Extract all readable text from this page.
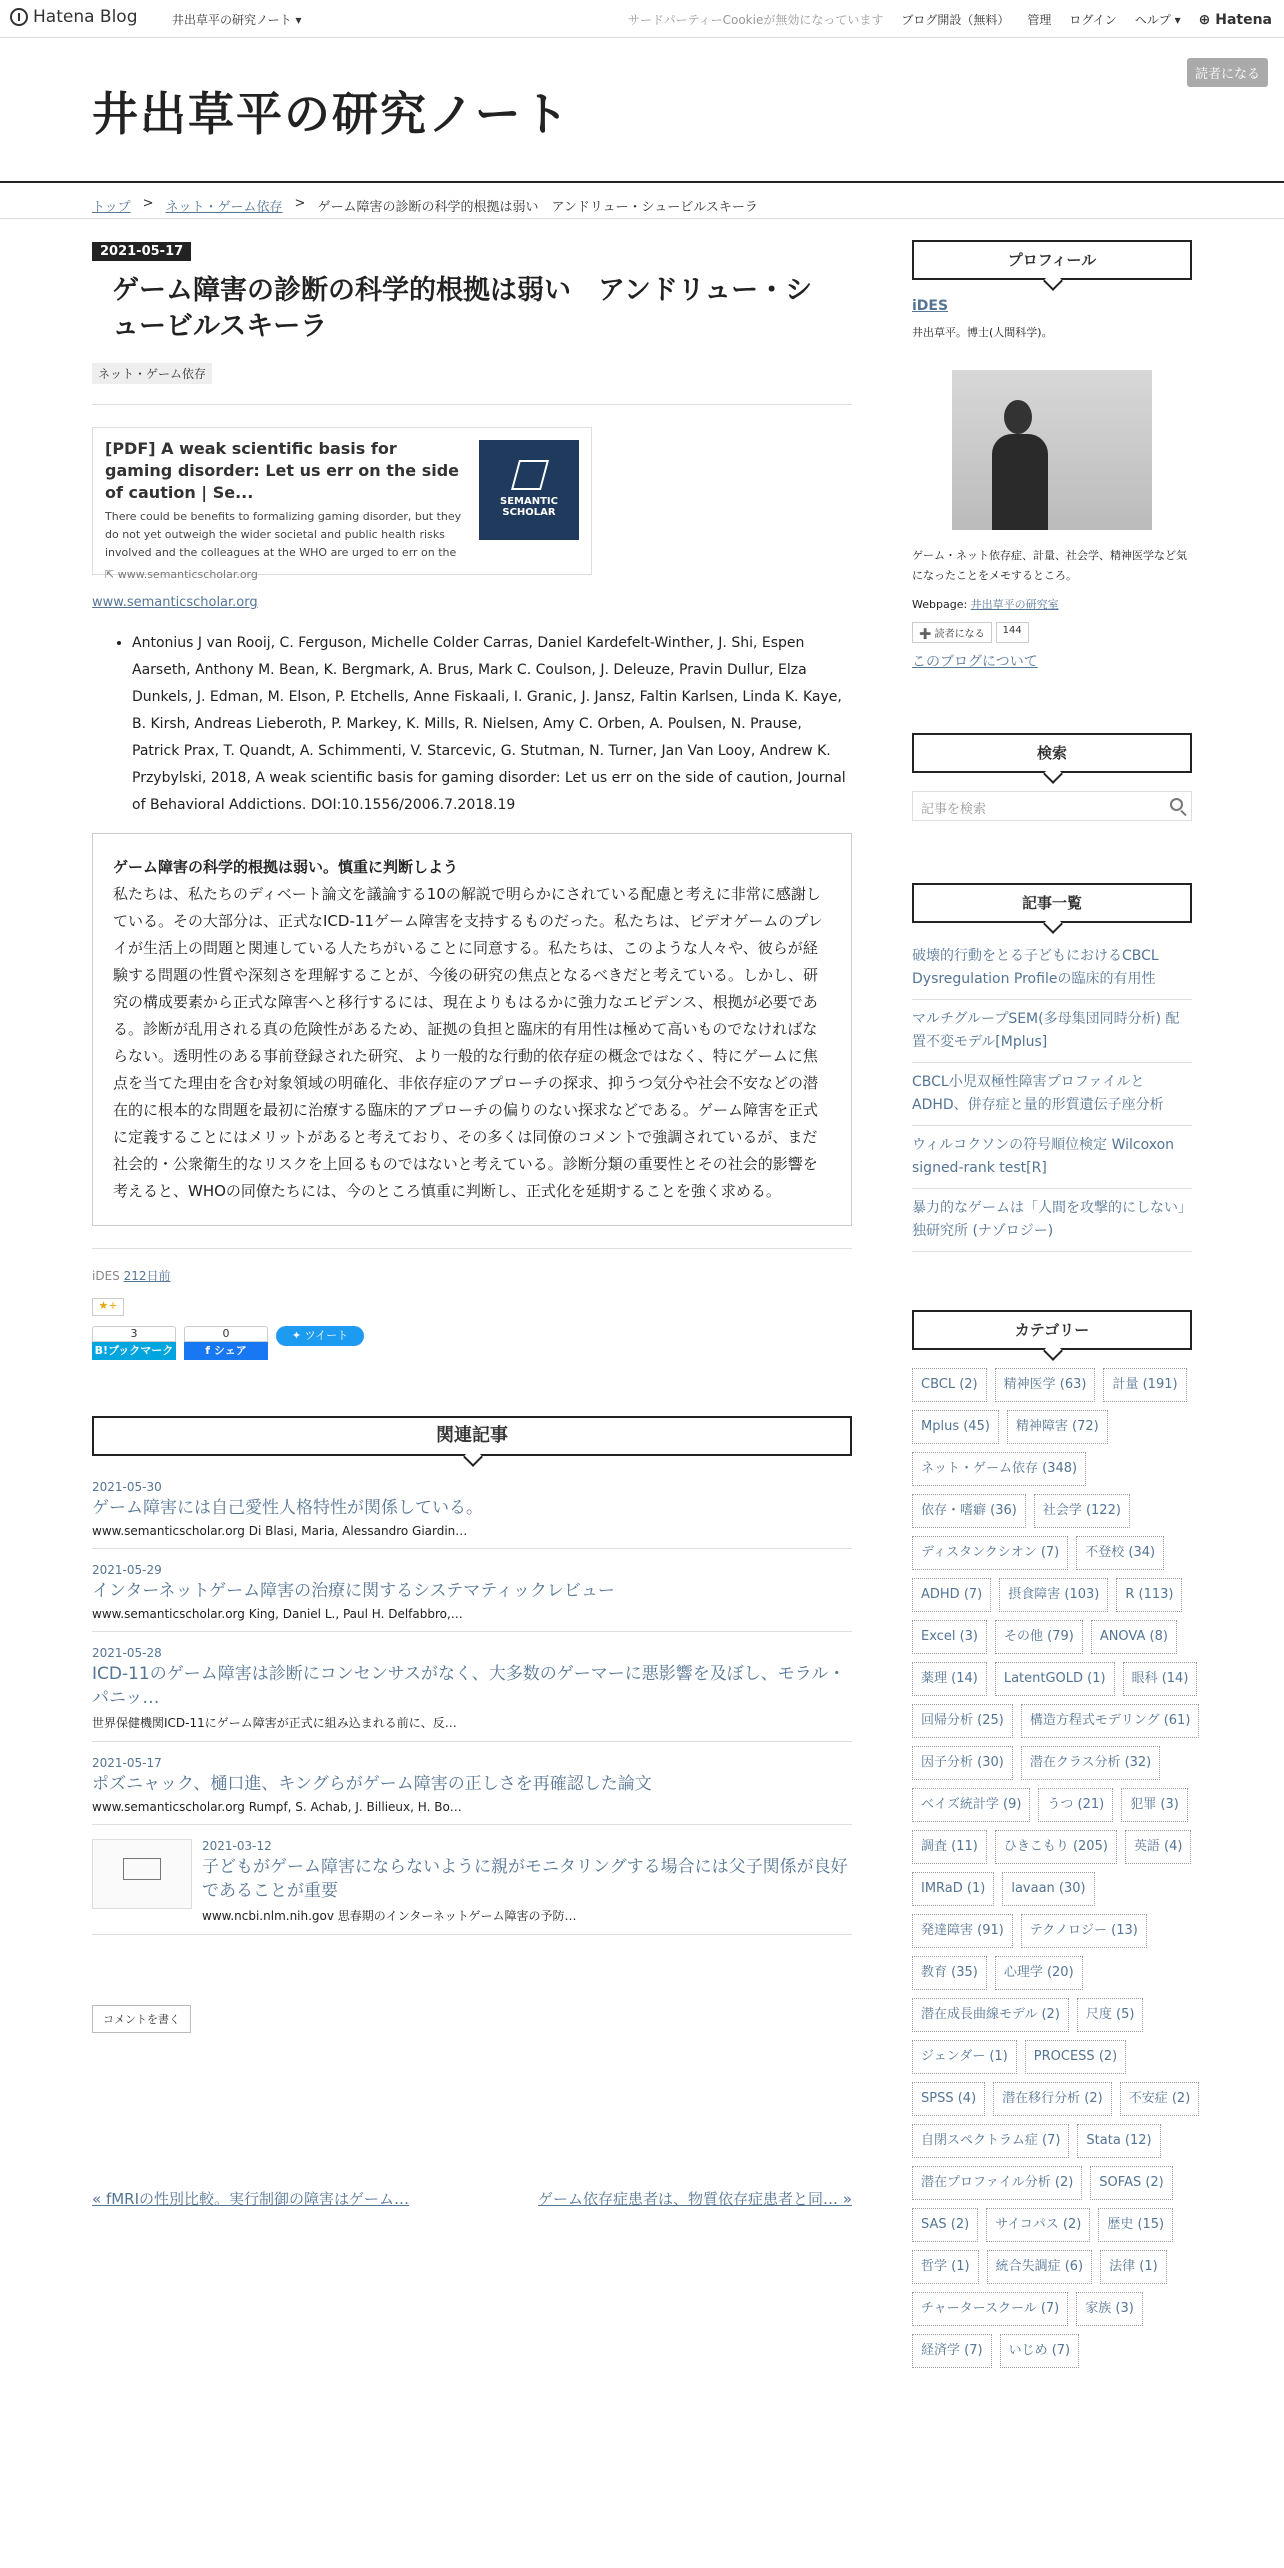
Hatena Blog	井出草平の研究ノート ▾	サードパーティーCookieが無効になっています ブログ開設（無料） 管理 ログイン ヘルプ ▾ ⊕ Hatena
井出草平の研究ノート
読者になる
トップ > ネット・ゲーム依存 > ゲーム障害の診断の科学的根拠は弱い　アンドリュー・シュービルスキーラ
2021-05-17
ゲーム障害の診断の科学的根拠は弱い　アンドリュー・シュービルスキーラ
ネット・ゲーム依存
[PDF] A weak scientific basis for gaming disorder: Let us err on the side of caution | Se...
There could be benefits to formalizing gaming disorder, but they do not yet outweigh the wider societal and public health risks involved and the colleagues at the WHO are urged to err on the
⇱ www.semanticscholar.org
SEMANTIC SCHOLAR
www.semanticscholar.org
• Antonius J van Rooij, C. Ferguson, Michelle Colder Carras, Daniel Kardefelt-Winther, J. Shi, Espen Aarseth, Anthony M. Bean, K. Bergmark, A. Brus, Mark C. Coulson, J. Deleuze, Pravin Dullur, Elza Dunkels, J. Edman, M. Elson, P. Etchells, Anne Fiskaali, I. Granic, J. Jansz, Faltin Karlsen, Linda K. Kaye, B. Kirsh, Andreas Lieberoth, P. Markey, K. Mills, R. Nielsen, Amy C. Orben, A. Poulsen, N. Prause, Patrick Prax, T. Quandt, A. Schimmenti, V. Starcevic, G. Stutman, N. Turner, Jan Van Looy, Andrew K. Przybylski, 2018, A weak scientific basis for gaming disorder: Let us err on the side of caution, Journal of Behavioral Addictions. DOI:10.1556/2006.7.2018.19
ゲーム障害の科学的根拠は弱い。慎重に判断しよう
私たちは、私たちのディベート論文を議論する10の解説で明らかにされている配慮と考えに非常に感謝している。その大部分は、正式なICD-11ゲーム障害を支持するものだった。私たちは、ビデオゲームのプレイが生活上の問題と関連している人たちがいることに同意する。私たちは、このような人々や、彼らが経験する問題の性質や深刻さを理解することが、今後の研究の焦点となるべきだと考えている。しかし、研究の構成要素から正式な障害へと移行するには、現在よりもはるかに強力なエビデンス、根拠が必要である。診断が乱用される真の危険性があるため、証拠の負担と臨床的有用性は極めて高いものでなければならない。透明性のある事前登録された研究、より一般的な行動的依存症の概念ではなく、特にゲームに焦点を当てた理由を含む対象領域の明確化、非依存症のアプローチの探求、抑うつ気分や社会不安などの潜在的に根本的な問題を最初に治療する臨床的アプローチの偏りのない探求などである。ゲーム障害を正式に定義することにはメリットがあると考えており、その多くは同僚のコメントで強調されているが、まだ社会的・公衆衛生的なリスクを上回るものではないと考えている。診断分類の重要性とその社会的影響を考えると、WHOの同僚たちには、今のところ慎重に判断し、正式化を延期することを強く求める。
iDES 212日前
★+
3
B!ブックマーク
0
f シェア
✦ ツイート
関連記事
2021-05-30
ゲーム障害には自己愛性人格特性が関係している。
www.semanticscholar.org Di Blasi, Maria, Alessandro Giardin…
2021-05-29
インターネットゲーム障害の治療に関するシステマティックレビュー
www.semanticscholar.org King, Daniel L., Paul H. Delfabbro,…
2021-05-28
ICD-11のゲーム障害は診断にコンセンサスがなく、大多数のゲーマーに悪影響を及ぼし、モラル・パニッ…
世界保健機関ICD-11にゲーム障害が正式に組み込まれる前に、反…
2021-05-17
ポズニャック、樋口進、キングらがゲーム障害の正しさを再確認した論文
www.semanticscholar.org Rumpf, S. Achab, J. Billieux, H. Bo…
2021-03-12
子どもがゲーム障害にならないように親がモニタリングする場合には父子関係が良好であることが重要
www.ncbi.nlm.nih.gov 思春期のインターネットゲーム障害の予防…
コメントを書く
« fMRIの性別比較。実行制御の障害はゲーム…	ゲーム依存症患者は、物質依存症患者と同… »
プロフィール
iDES
井出草平。博士(人間科学)。
ゲーム・ネット依存症、計量、社会学、精神医学など気になったことをメモするところ。
Webpage: 井出草平の研究室
➕ 読者になる	144
このブログについて
検索
記事を検索
記事一覧
破壊的行動をとる子どもにおけるCBCL Dysregulation Profileの臨床的有用性
マルチグループSEM(多母集団同時分析) 配置不変モデル[Mplus]
CBCL小児双極性障害プロファイルとADHD、併存症と量的形質遺伝子座分析
ウィルコクソンの符号順位検定 Wilcoxon signed-rank test[R]
暴力的なゲームは「人間を攻撃的にしない」独研究所 (ナゾロジー)
カテゴリー
CBCL (2)	精神医学 (63)	計量 (191)
Mplus (45)	精神障害 (72)
ネット・ゲーム依存 (348)
依存・嗜癖 (36)	社会学 (122)
ディスタンクシオン (7)	不登校 (34)
ADHD (7)	摂食障害 (103)	R (113)
Excel (3)	その他 (79)	ANOVA (8)
薬理 (14)	LatentGOLD (1)	眼科 (14)
回帰分析 (25)	構造方程式モデリング (61)
因子分析 (30)	潜在クラス分析 (32)
ベイズ統計学 (9)	うつ (21)	犯罪 (3)
調査 (11)	ひきこもり (205)	英語 (4)
IMRaD (1)	lavaan (30)
発達障害 (91)	テクノロジー (13)
教育 (35)	心理学 (20)
潜在成長曲線モデル (2)	尺度 (5)
ジェンダー (1)	PROCESS (2)
SPSS (4)	潜在移行分析 (2)	不安症 (2)
自閉スペクトラム症 (7)	Stata (12)
潜在プロファイル分析 (2)	SOFAS (2)
SAS (2)	サイコパス (2)	歴史 (15)
哲学 (1)	統合失調症 (6)	法律 (1)
チャータースクール (7)	家族 (3)
経済学 (7)	いじめ (7)
